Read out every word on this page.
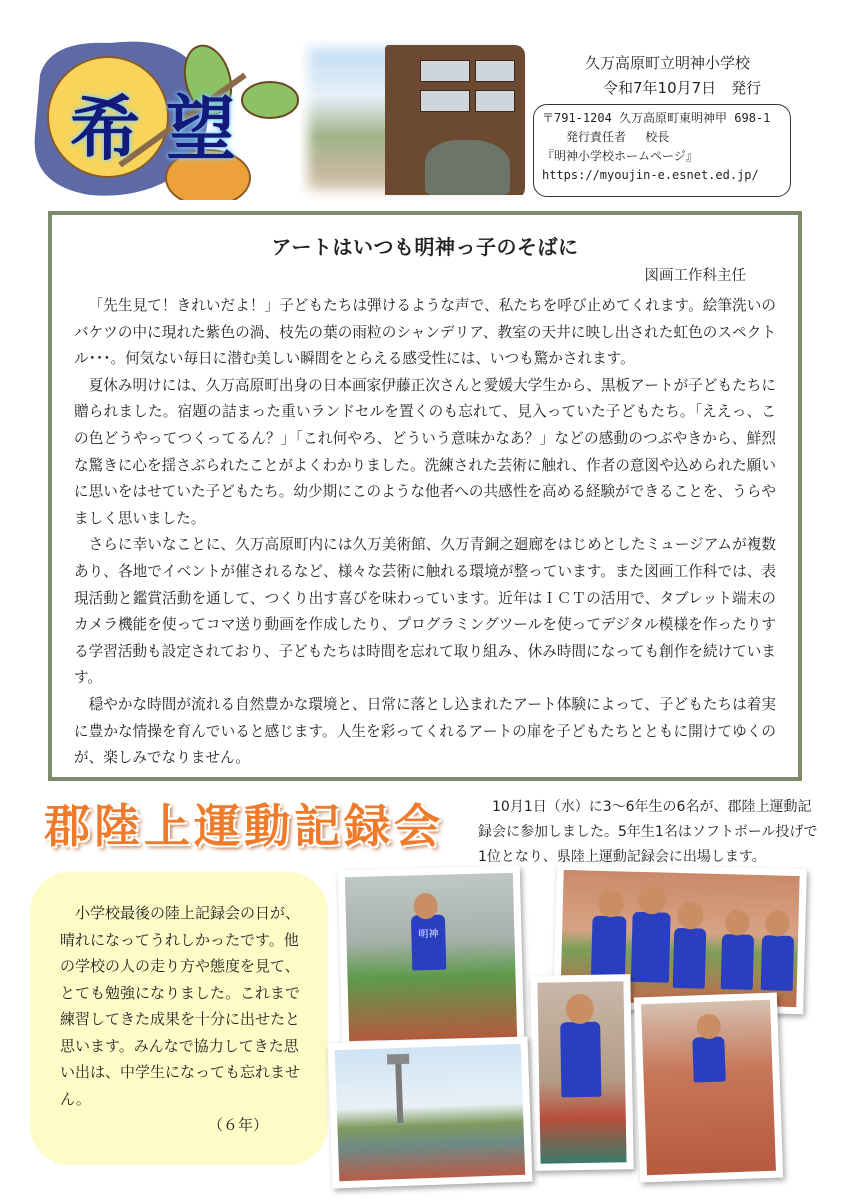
希望
久万高原町立明神小学校
令和7年10月7日　発行
〒791-1204 久万高原町東明神甲 698-1
発行責任者　 校長
『明神小学校ホームページ』
https://myoujin-e.esnet.ed.jp/
アートはいつも明神っ子のそばに
図画工作科主任

「先生見て！きれいだよ！」子どもたちは弾けるような声で、私たちを呼び止めてくれます。絵筆洗いのバケツの中に現れた紫色の渦、枝先の葉の雨粒のシャンデリア、教室の天井に映し出された虹色のスペクトル･･･。何気ない毎日に潜む美しい瞬間をとらえる感受性には、いつも驚かされます。

夏休み明けには、久万高原町出身の日本画家伊藤正次さんと愛媛大学生から、黒板アートが子どもたちに贈られました。宿題の詰まった重いランドセルを置くのも忘れて、見入っていた子どもたち。「ええっ、この色どうやってつくってるん？」「これ何やろ、どういう意味かなあ？」などの感動のつぶやきから、鮮烈な驚きに心を揺さぶられたことがよくわかりました。洗練された芸術に触れ、作者の意図や込められた願いに思いをはせていた子どもたち。幼少期にこのような他者への共感性を高める経験ができることを、うらやましく思いました。

さらに幸いなことに、久万高原町内には久万美術館、久万青銅之廻廊をはじめとしたミュージアムが複数あり、各地でイベントが催されるなど、様々な芸術に触れる環境が整っています。また図画工作科では、表現活動と鑑賞活動を通して、つくり出す喜びを味わっています。近年はＩＣＴの活用で、タブレット端末のカメラ機能を使ってコマ送り動画を作成したり、プログラミングツールを使ってデジタル模様を作ったりする学習活動も設定されており、子どもたちは時間を忘れて取り組み、休み時間になっても創作を続けています。

穏やかな時間が流れる自然豊かな環境と、日常に落とし込まれたアート体験によって、子どもたちは着実に豊かな情操を育んでいると感じます。人生を彩ってくれるアートの扉を子どもたちとともに開けてゆくのが、楽しみでなりません。

郡陸上運動記録会	10月1日（水）に3～6年生の6名が、郡陸上運動記録会に参加しました。5年生1名はソフトボール投げで1位となり、県陸上運動記録会に出場します。

小学校最後の陸上記録会の日が、晴れになってうれしかったです。他の学校の人の走り方や態度を見て、とても勉強になりました。これまで練習してきた成果を十分に出せたと思います。みんなで協力してきた思い出は、中学生になっても忘れません。

（６年）

明神
